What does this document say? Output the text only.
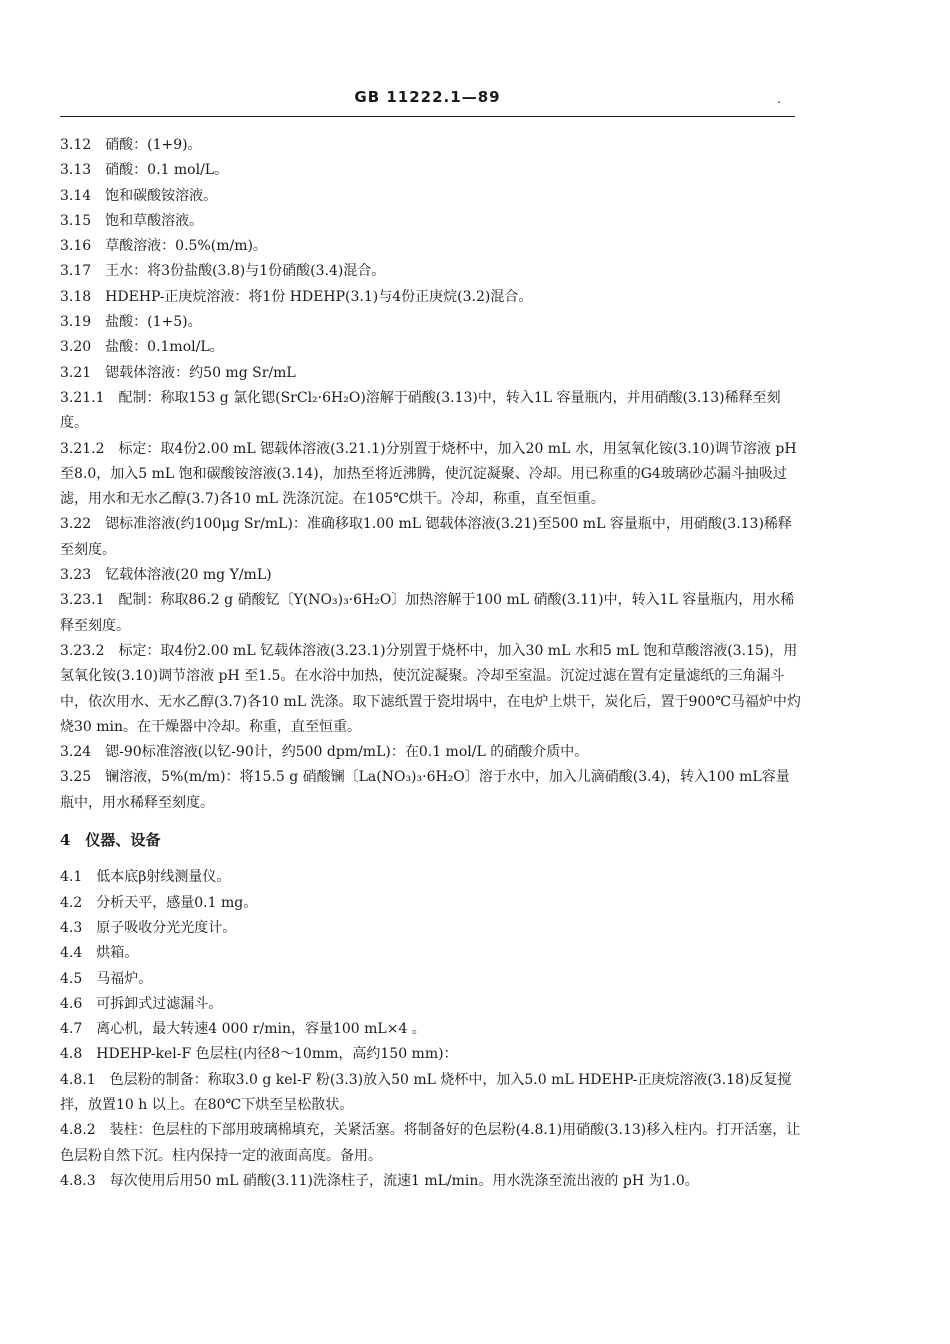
GB 11222.1—89	.

3.12　硝酸：(1+9)。

3.13　硝酸：0.1 mol/L。

3.14　饱和碳酸铵溶液。

3.15　饱和草酸溶液。

3.16　草酸溶液：0.5%(m/m)。

3.17　王水：将3份盐酸(3.8)与1份硝酸(3.4)混合。

3.18　HDEHP-正庚烷溶液：将1份 HDEHP(3.1)与4份正庚烷(3.2)混合。

3.19　盐酸：(1+5)。

3.20　盐酸：0.1mol/L。

3.21　锶载体溶液：约50 mg Sr/mL

3.21.1　配制：称取153 g 氯化锶(SrCl₂·6H₂O)溶解于硝酸(3.13)中，转入1L 容量瓶内，并用硝酸(3.13)稀释至刻度。

3.21.2　标定：取4份2.00 mL 锶载体溶液(3.21.1)分别置于烧杯中，加入20 mL 水，用氢氧化铵(3.10)调节溶液 pH 至8.0，加入5 mL 饱和碳酸铵溶液(3.14)，加热至将近沸腾，使沉淀凝聚、冷却。用已称重的G4玻璃砂芯漏斗抽吸过滤，用水和无水乙醇(3.7)各10 mL 洗涤沉淀。在105℃烘干。冷却，称重，直至恒重。

3.22　锶标准溶液(约100μg Sr/mL)：准确移取1.00 mL 锶载体溶液(3.21)至500 mL 容量瓶中，用硝酸(3.13)稀释至刻度。

3.23　钇载体溶液(20 mg Y/mL)

3.23.1　配制：称取86.2 g 硝酸钇〔Y(NO₃)₃·6H₂O〕加热溶解于100 mL 硝酸(3.11)中，转入1L 容量瓶内，用水稀释至刻度。

3.23.2　标定：取4份2.00 mL 钇载体溶液(3.23.1)分别置于烧杯中，加入30 mL 水和5 mL 饱和草酸溶液(3.15)，用氢氧化铵(3.10)调节溶液 pH 至1.5。在水浴中加热，使沉淀凝聚。冷却至室温。沉淀过滤在置有定量滤纸的三角漏斗中，依次用水、无水乙醇(3.7)各10 mL 洗涤。取下滤纸置于瓷坩埚中，在电炉上烘干，炭化后，置于900℃马福炉中灼烧30 min。在干燥器中冷却。称重，直至恒重。

3.24　锶-90标准溶液(以钇-90计，约500 dpm/mL)：在0.1 mol/L 的硝酸介质中。

3.25　镧溶液，5%(m/m)：将15.5 g 硝酸镧〔La(NO₃)₃·6H₂O〕溶于水中，加入儿滴硝酸(3.4)，转入100 mL容量瓶中，用水稀释至刻度。

4　仪器、设备

4.1　低本底β射线测量仪。

4.2　分析天平，感量0.1 mg。

4.3　原子吸收分光光度计。

4.4　烘箱。

4.5　马福炉。

4.6　可拆卸式过滤漏斗。

4.7　离心机，最大转速4 000 r/min，容量100 mL×4 。

4.8　HDEHP-kel-F 色层柱(内径8～10mm，高约150 mm)：

4.8.1　色层粉的制备：称取3.0 g kel-F 粉(3.3)放入50 mL 烧杯中，加入5.0 mL HDEHP-正庚烷溶液(3.18)反复搅拌，放置10 h 以上。在80℃下烘至呈松散状。

4.8.2　装柱：色层柱的下部用玻璃棉填充，关紧活塞。将制备好的色层粉(4.8.1)用硝酸(3.13)移入柱内。打开活塞，让色层粉自然下沉。柱内保持一定的液面高度。备用。

4.8.3　每次使用后用50 mL 硝酸(3.11)洗涤柱子，流速1 mL/min。用水洗涤至流出液的 pH 为1.0。
